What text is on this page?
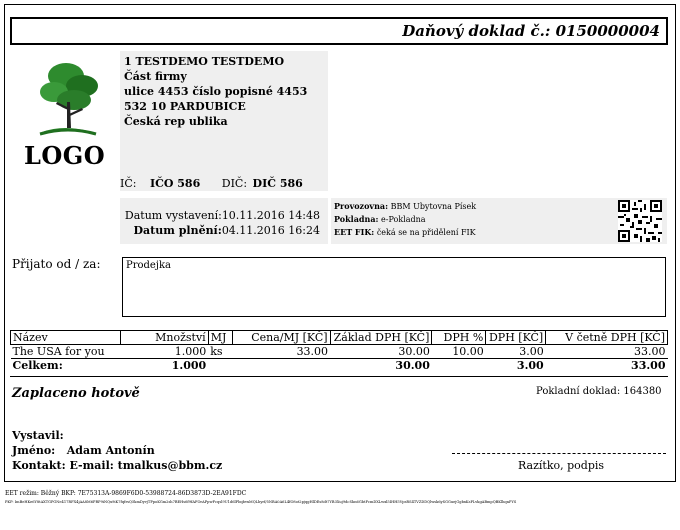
Daňový doklad č.: 0150000004
LOGO
1 TESTDEMO TESTDEMO
Část firmy
ulice 4453 číslo popisné 4453
532 10 PARDUBICE
Česká rep ublika
IČ: IČO 586 DIČ: DIČ 586
Datum vystavení:10.11.2016 14:48
Datum plnění:04.11.2016 16:24
Provozovna: BBM Ubytovna Písek
Pokladna: e-Pokladna
EET FIK: čeká se na přidělení FIK
Přijato od / za:	Prodejka
Název	Množství	MJ	Cena/MJ [KČ]	Základ DPH [KČ]	DPH %	DPH [KČ]	V četně DPH [KČ]
The USA for you	1.000	ks	33.00	30.00	10.00	3.00	33.00
Celkem:	1.000			30.00		3.00	33.00
Zaplaceno hotově	Pokladní doklad: 164380
Vystavil:
Jméno: Adam Antonín
Kontakt: E-mail: tmalkus@bbm.cz	Razítko, podpis
EET režim: Běžný BKP: 7E75313A-9869F6D0-53988724-86D3873D-2EA91FDC
PKP: ImBeHKe6Y8tAXTGPGNe417RFX4jAA8M6PRP9iNQx9iK7fqfrsQ5kmDyvjTPpoKGm2sh7BEHs6f9fAFOrAPpwFcqsl9U1d6lPbqbvxMQLbyrf/5NBA0A6L4fO8ot2pjqgHlDEs8dt7YB3Xuj9dcShn6GbtFcmDXLwxl5IHH5VpsRS4TVZDDQlwsk6ySGGuejGgbxKsPLvkgABmpQBKlhqnPYS
